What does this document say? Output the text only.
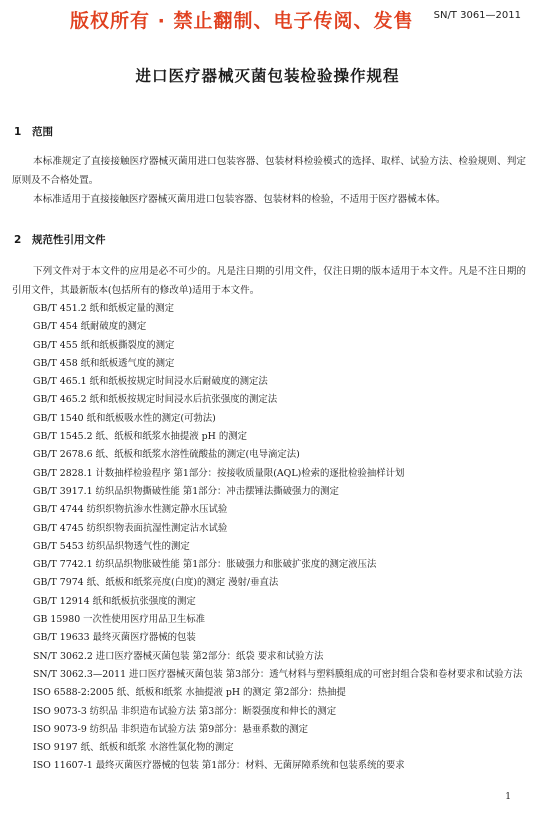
版权所有 · 禁止翻制、电子传阅、发售 SN/T 3061—2011
进口医疗器械灭菌包装检验操作规程
1 范围
本标准规定了直接接触医疗器械灭菌用进口包装容器、包装材料检验模式的选择、取样、试验方法、检验规则、判定原则及不合格处置。
本标准适用于直接接触医疗器械灭菌用进口包装容器、包装材料的检验，不适用于医疗器械本体。
2 规范性引用文件
下列文件对于本文件的应用是必不可少的。凡是注日期的引用文件，仅注日期的版本适用于本文件。凡是不注日期的引用文件，其最新版本(包括所有的修改单)适用于本文件。
GB/T 451.2 纸和纸板定量的测定
GB/T 454 纸耐破度的测定
GB/T 455 纸和纸板撕裂度的测定
GB/T 458 纸和纸板透气度的测定
GB/T 465.1 纸和纸板按规定时间浸水后耐破度的测定法
GB/T 465.2 纸和纸板按规定时间浸水后抗张强度的测定法
GB/T 1540 纸和纸板吸水性的测定(可勃法)
GB/T 1545.2 纸、纸板和纸浆水抽提液 pH 的测定
GB/T 2678.6 纸、纸板和纸浆水溶性硫酸盐的测定(电导滴定法)
GB/T 2828.1 计数抽样检验程序 第1部分：按接收质量限(AQL)检索的逐批检验抽样计划
GB/T 3917.1 纺织品织物撕破性能 第1部分：冲击摆锤法撕破强力的测定
GB/T 4744 纺织织物抗渗水性测定静水压试验
GB/T 4745 纺织织物表面抗湿性测定沾水试验
GB/T 5453 纺织品织物透气性的测定
GB/T 7742.1 纺织品织物胀破性能 第1部分：胀破强力和胀破扩张度的测定液压法
GB/T 7974 纸、纸板和纸浆亮度(白度)的测定 漫射/垂直法
GB/T 12914 纸和纸板抗张强度的测定
GB 15980 一次性使用医疗用品卫生标准
GB/T 19633 最终灭菌医疗器械的包装
SN/T 3062.2 进口医疗器械灭菌包装 第2部分：纸袋 要求和试验方法
SN/T 3062.3—2011 进口医疗器械灭菌包装 第3部分：透气材料与塑料膜组成的可密封组合袋和卷材要求和试验方法
ISO 6588-2:2005 纸、纸板和纸浆 水抽提液 pH 的测定 第2部分：热抽提
ISO 9073-3 纺织品 非织造布试验方法 第3部分：断裂强度和伸长的测定
ISO 9073-9 纺织品 非织造布试验方法 第9部分：悬垂系数的测定
ISO 9197 纸、纸板和纸浆 水溶性氯化物的测定
ISO 11607-1 最终灭菌医疗器械的包装 第1部分：材料、无菌屏障系统和包装系统的要求
1
